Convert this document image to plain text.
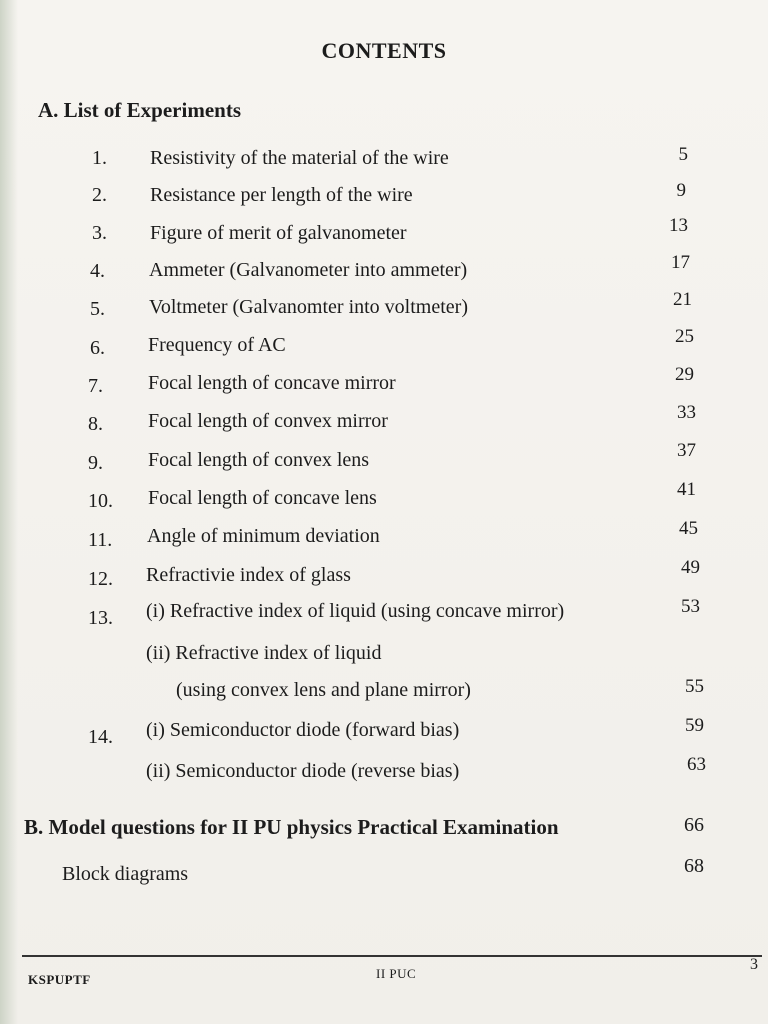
CONTENTS
A. List of Experiments
1. Resistivity of the material of the wire	5
2. Resistance per length of the wire	9
3. Figure of merit of galvanometer	13
4. Ammeter (Galvanometer into ammeter)	17
5. Voltmeter (Galvanomter into voltmeter)	21
6. Frequency of AC	25
7. Focal length of concave mirror	29
8. Focal length of convex mirror	33
9. Focal length of convex lens	37
10. Focal length of concave lens	41
11. Angle of minimum deviation	45
12. Refractivie index of glass	49
13. (i) Refractive index of liquid (using concave mirror)	53
(ii) Refractive index of liquid
(using convex lens and plane mirror)	55
14. (i) Semiconductor diode (forward bias)	59
(ii) Semiconductor diode (reverse bias)	63
B. Model questions for II PU physics Practical Examination	66
Block diagrams	68
KSPUPTF	II PUC
3
